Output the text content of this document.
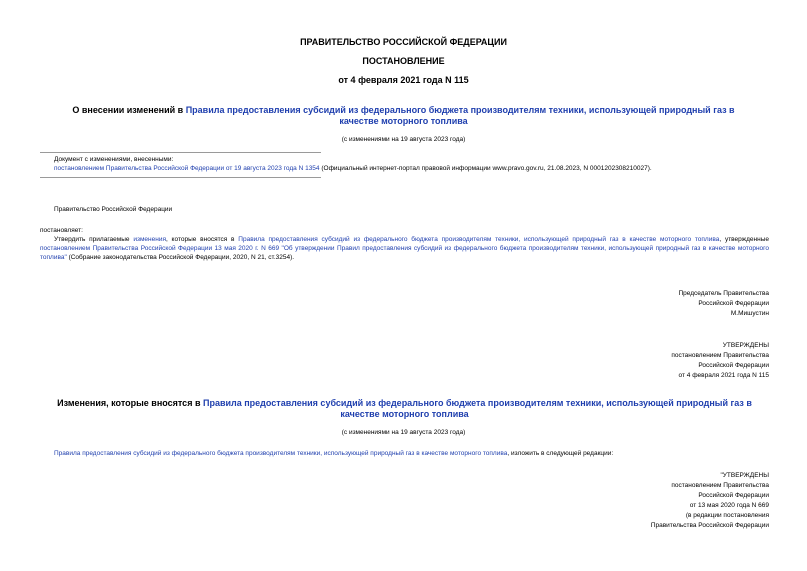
ПРАВИТЕЛЬСТВО РОССИЙСКОЙ ФЕДЕРАЦИИ
ПОСТАНОВЛЕНИЕ
от 4 февраля 2021 года N 115
О внесении изменений в Правила предоставления субсидий из федерального бюджета производителям техники, использующей природный газ в качестве моторного топлива
(с изменениями на 19 августа 2023 года)
Документ с изменениями, внесенными:
постановлением Правительства Российской Федерации от 19 августа 2023 года N 1354 (Официальный интернет-портал правовой информации www.pravo.gov.ru, 21.08.2023, N 0001202308210027).
Правительство Российской Федерации
постановляет:
Утвердить прилагаемые изменения, которые вносятся в Правила предоставления субсидий из федерального бюджета производителям техники, использующей природный газ в качестве моторного топлива, утвержденные постановлением Правительства Российской Федерации 13 мая 2020 г. N 669 "Об утверждении Правил предоставления субсидий из федерального бюджета производителям техники, использующей природный газ в качестве моторного топлива" (Собрание законодательства Российской Федерации, 2020, N 21, ст.3254).
Председатель Правительства
Российской Федерации
М.Мишустин
УТВЕРЖДЕНЫ
постановлением Правительства
Российской Федерации
от 4 февраля 2021 года N 115
Изменения, которые вносятся в Правила предоставления субсидий из федерального бюджета производителям техники, использующей природный газ в качестве моторного топлива
(с изменениями на 19 августа 2023 года)
Правила предоставления субсидий из федерального бюджета производителям техники, использующей природный газ в качестве моторного топлива, изложить в следующей редакции:
"УТВЕРЖДЕНЫ
постановлением Правительства
Российской Федерации
от 13 мая 2020 года N 669
(в редакции постановления
Правительства Российской Федерации
